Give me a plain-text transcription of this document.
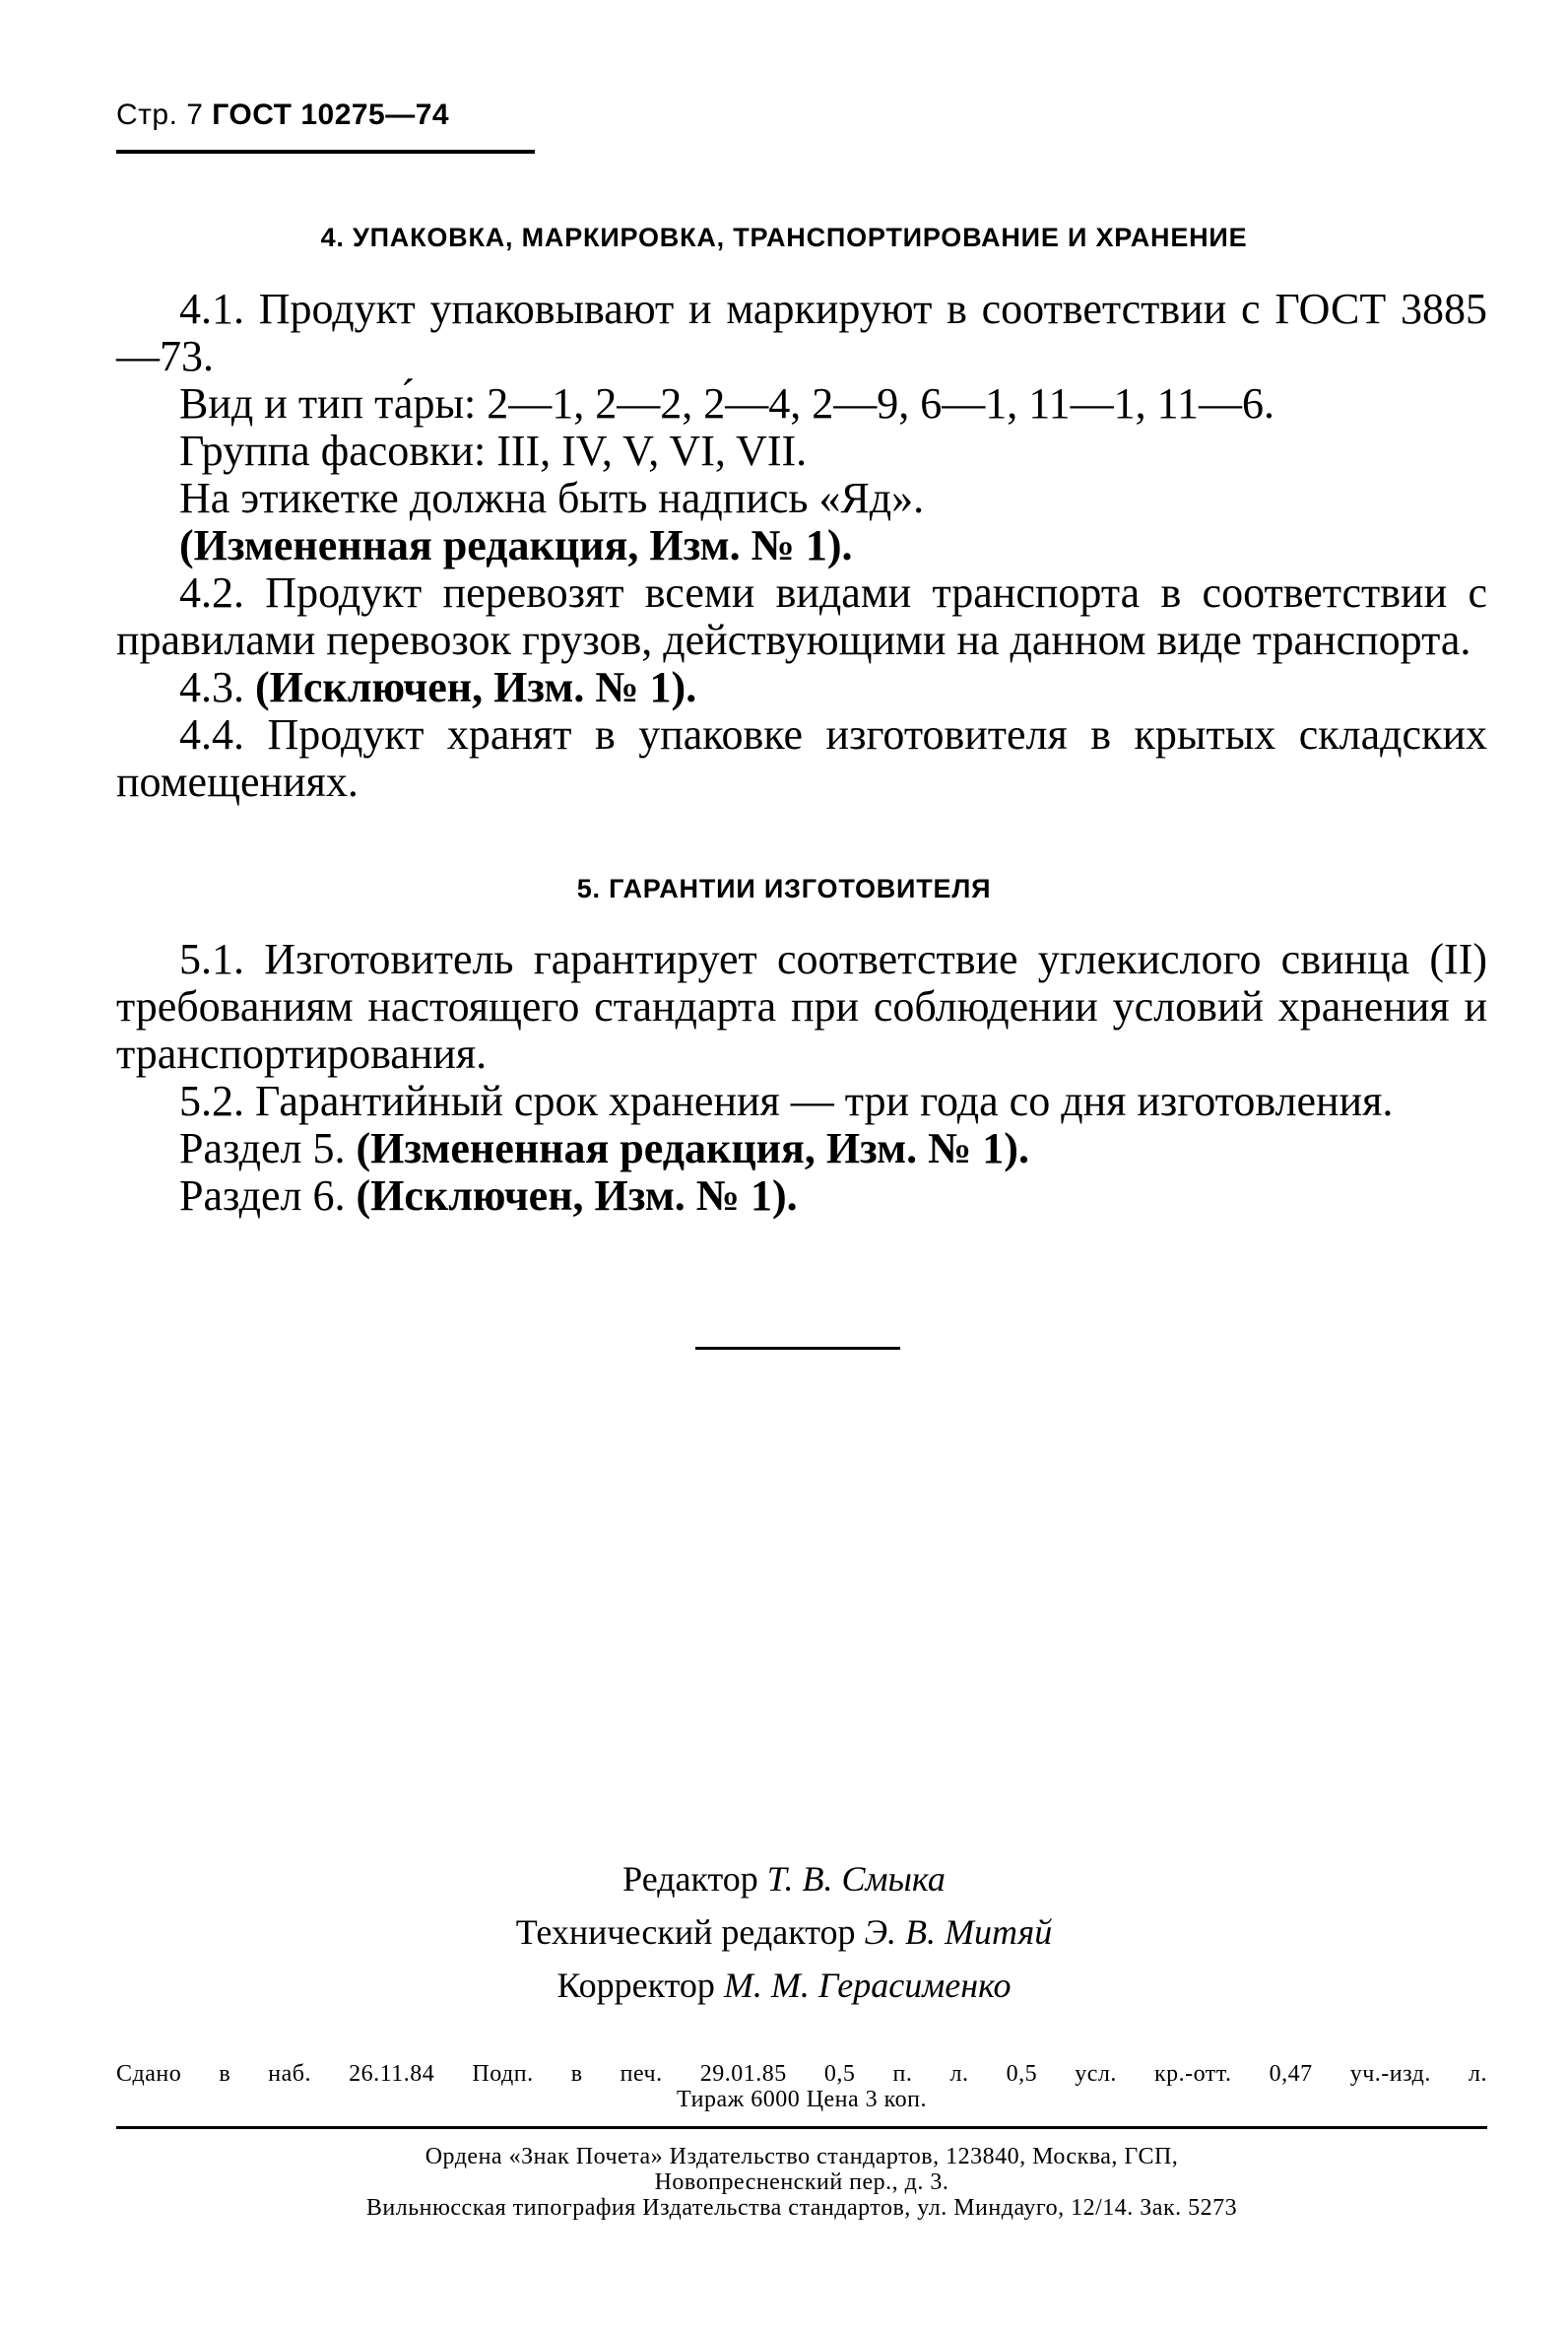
Стр. 7 ГОСТ 10275—74
4. УПАКОВКА, МАРКИРОВКА, ТРАНСПОРТИРОВАНИЕ И ХРАНЕНИЕ
4.1. Продукт упаковывают и маркируют в соответствии с ГОСТ 3885—73.
Вид и тип та́ры: 2—1, 2—2, 2—4, 2—9, 6—1, 11—1, 11—6.
Группа фасовки: III, IV, V, VI, VII.
На этикетке должна быть надпись «Яд».
(Измененная редакция, Изм. № 1).
4.2. Продукт перевозят всеми видами транспорта в соответствии с правилами перевозок грузов, действующими на данном виде транспорта.
4.3. (Исключен, Изм. № 1).
4.4. Продукт хранят в упаковке изготовителя в крытых складских помещениях.
5. ГАРАНТИИ ИЗГОТОВИТЕЛЯ
5.1. Изготовитель гарантирует соответствие углекислого свинца (II) требованиям настоящего стандарта при соблюдении условий хранения и транспортирования.
5.2. Гарантийный срок хранения — три года со дня изготовления.
Раздел 5. (Измененная редакция, Изм. № 1).
Раздел 6. (Исключен, Изм. № 1).
Редактор Т. В. Смыка
Технический редактор Э. В. Митяй
Корректор М. М. Герасименко
Сдано в наб. 26.11.84 Подп. в печ. 29.01.85 0,5 п. л. 0,5 усл. кр.-отт. 0,47 уч.-изд. л.
Тираж 6000 Цена 3 коп.
Ордена «Знак Почета» Издательство стандартов, 123840, Москва, ГСП,
Новопресненский пер., д. 3.
Вильнюсская типография Издательства стандартов, ул. Миндауго, 12/14. Зак. 5273
